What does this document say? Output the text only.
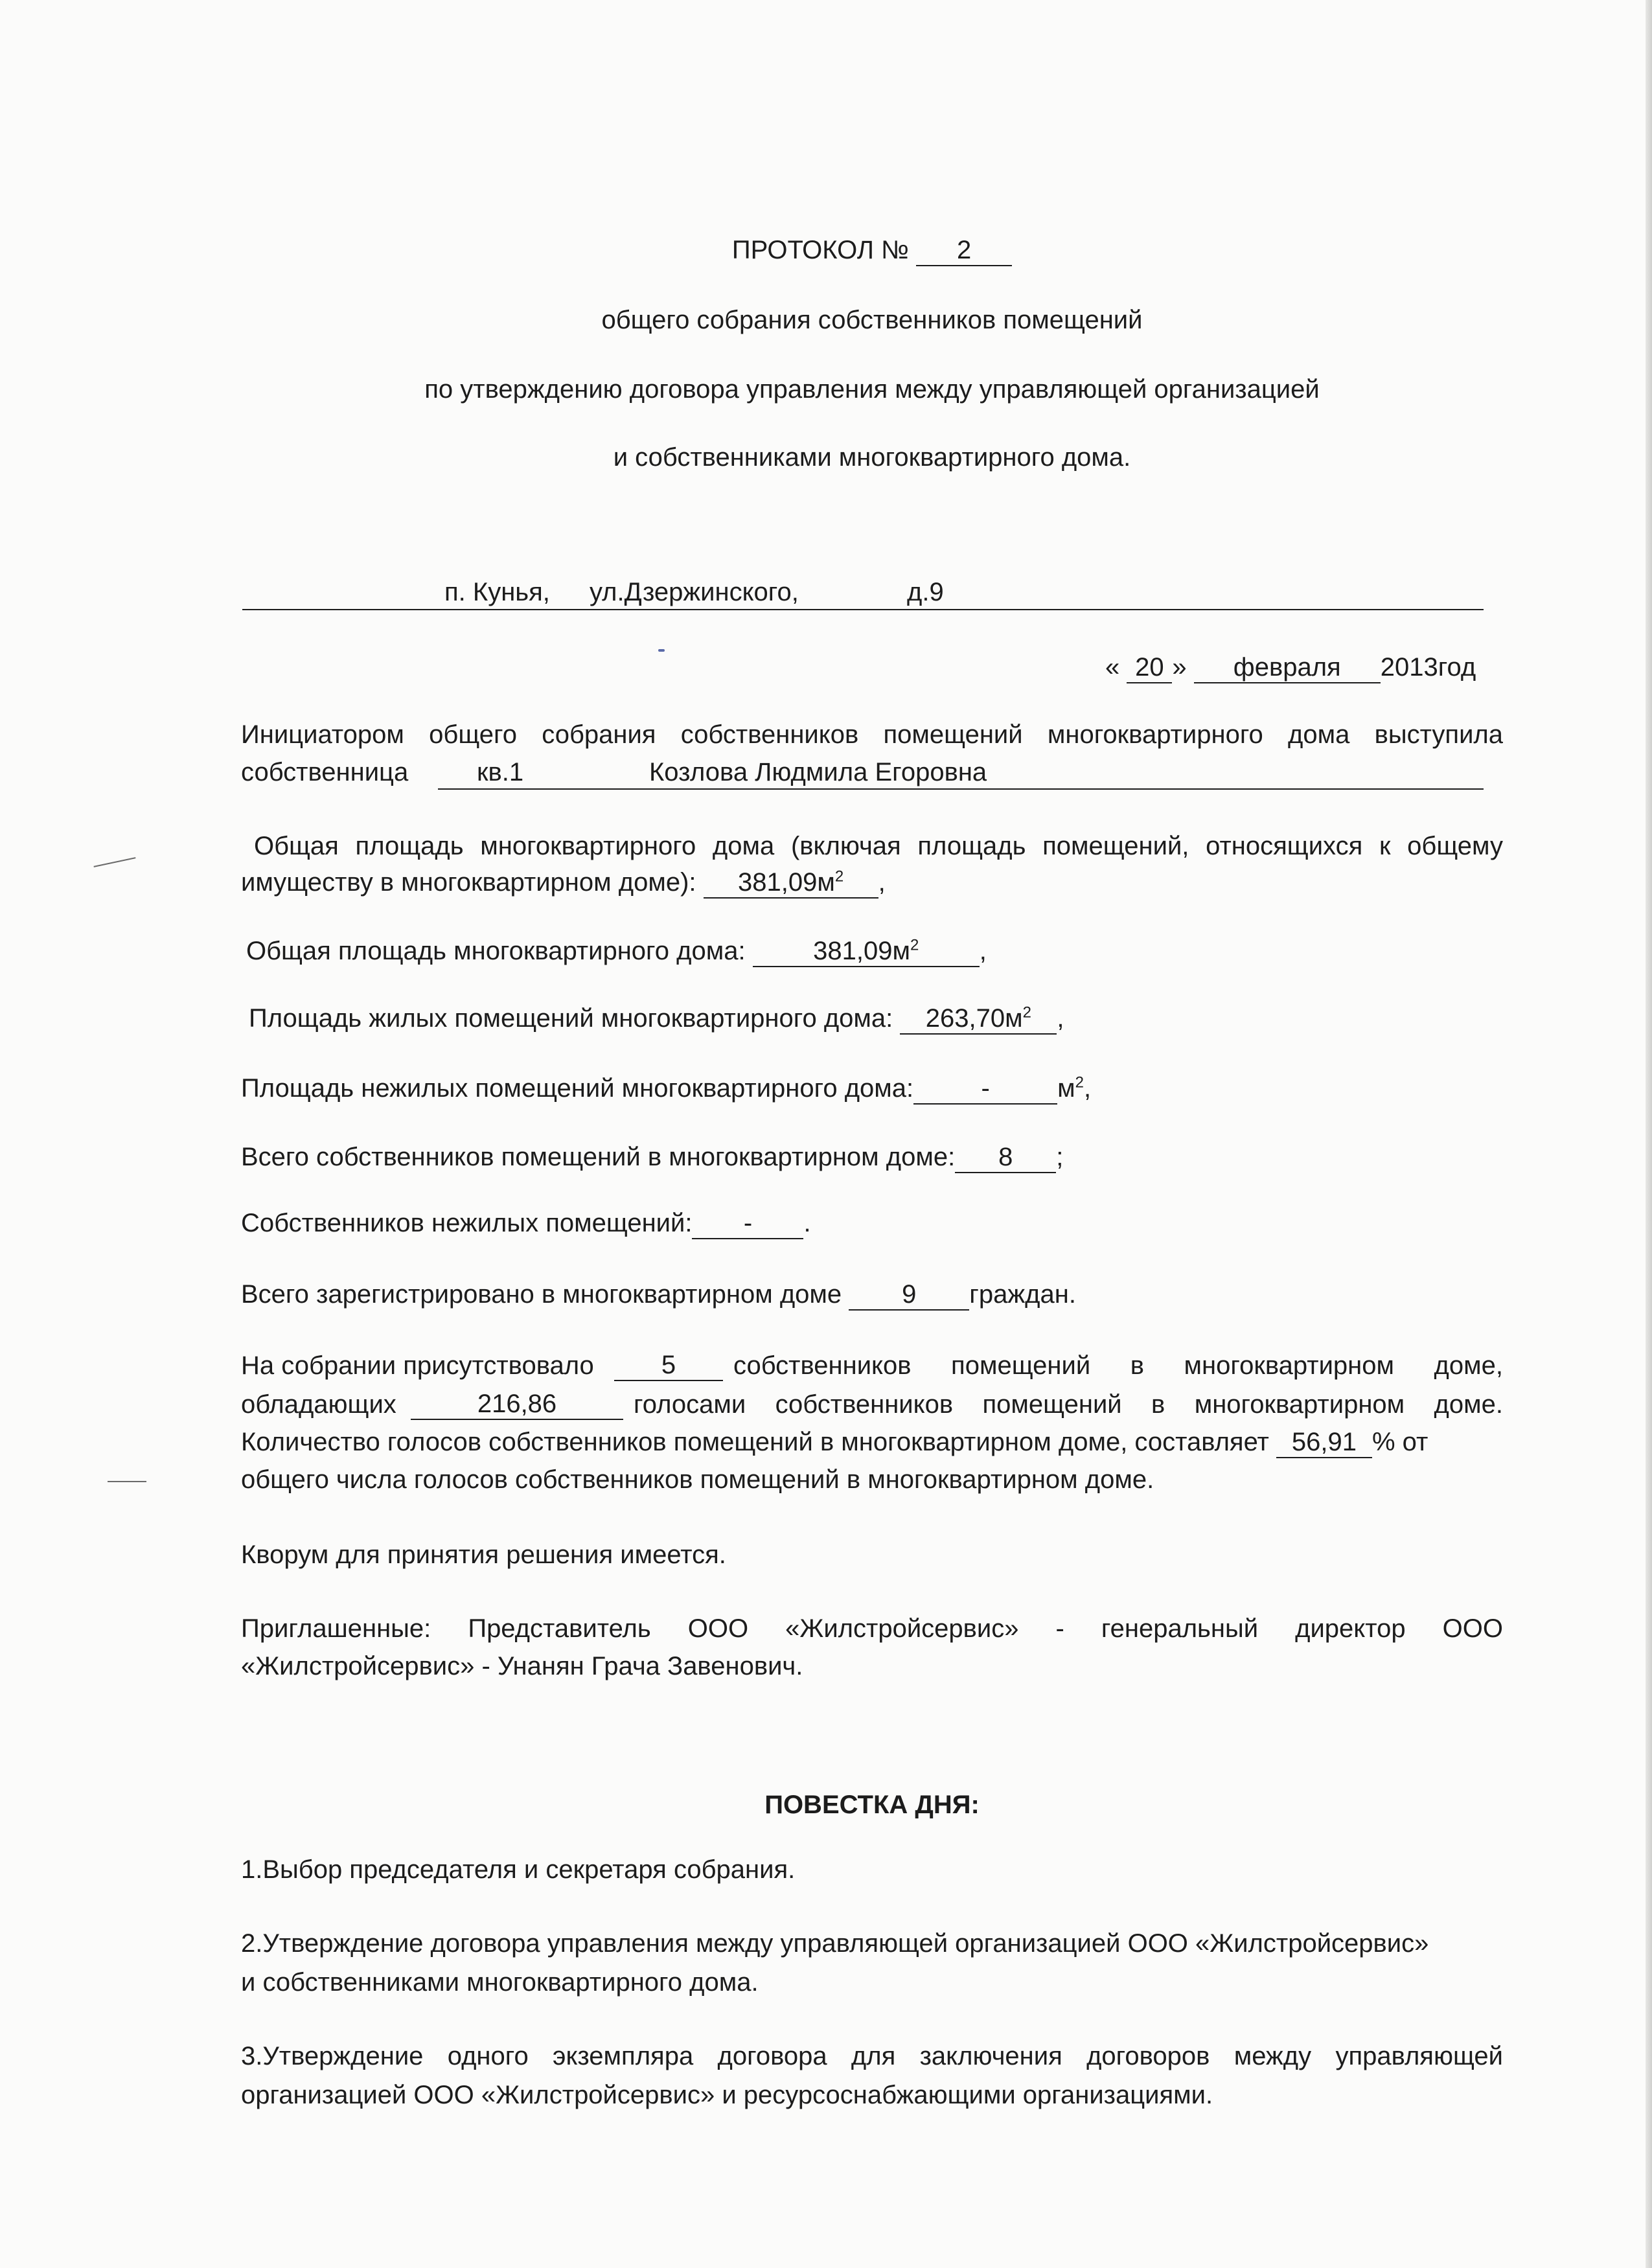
ПРОТОКОЛ № 2
общего собрания собственников помещений
по утверждению договора управления между управляющей организацией
и собственниками многоквартирного дома.
п. Кунья, ул.Дзержинского,	д.9
« 20 » февраля 2013год
Инициатором общего собрания собственников помещений многоквартирного дома выступила
собственница	кв.1	Козлова Людмила Егоровна
Общая площадь многоквартирного дома (включая площадь помещений, относящихся к общему
имуществу в многоквартирном доме): $381,09м^2$ ,
Общая площадь многоквартирного дома:	$381,09м^2$ ,
Площадь жилых помещений многоквартирного дома: $263,70м^2$ ,
Площадь нежилых помещений многоквартирного дома:	-	$м^2$,
Всего собственников помещений в многоквартирном доме: 8 ;
Собственников нежилых помещений: - .
Всего зарегистрировано в многоквартирном доме 9 граждан.
На собрании присутствовало	5	собственников помещений в многоквартирном доме,
обладающих	216,86	голосами собственников помещений в многоквартирном доме.
Количество голосов собственников помещений в многоквартирном доме, составляет 56,91 % от
общего числа голосов собственников помещений в многоквартирном доме.
Кворум для принятия решения имеется.
Приглашенные: Представитель ООО «Жилстройсервис» - генеральный директор ООО
«Жилстройсервис» - Унанян Грача Завенович.
ПОВЕСТКА ДНЯ:
1.Выбор председателя и секретаря собрания.
2.Утверждение договора управления между управляющей организацией ООО «Жилстройсервис»
и собственниками многоквартирного дома.
3.Утверждение одного экземпляра договора для заключения договоров между управляющей
организацией ООО «Жилстройсервис» и ресурсоснабжающими организациями.
